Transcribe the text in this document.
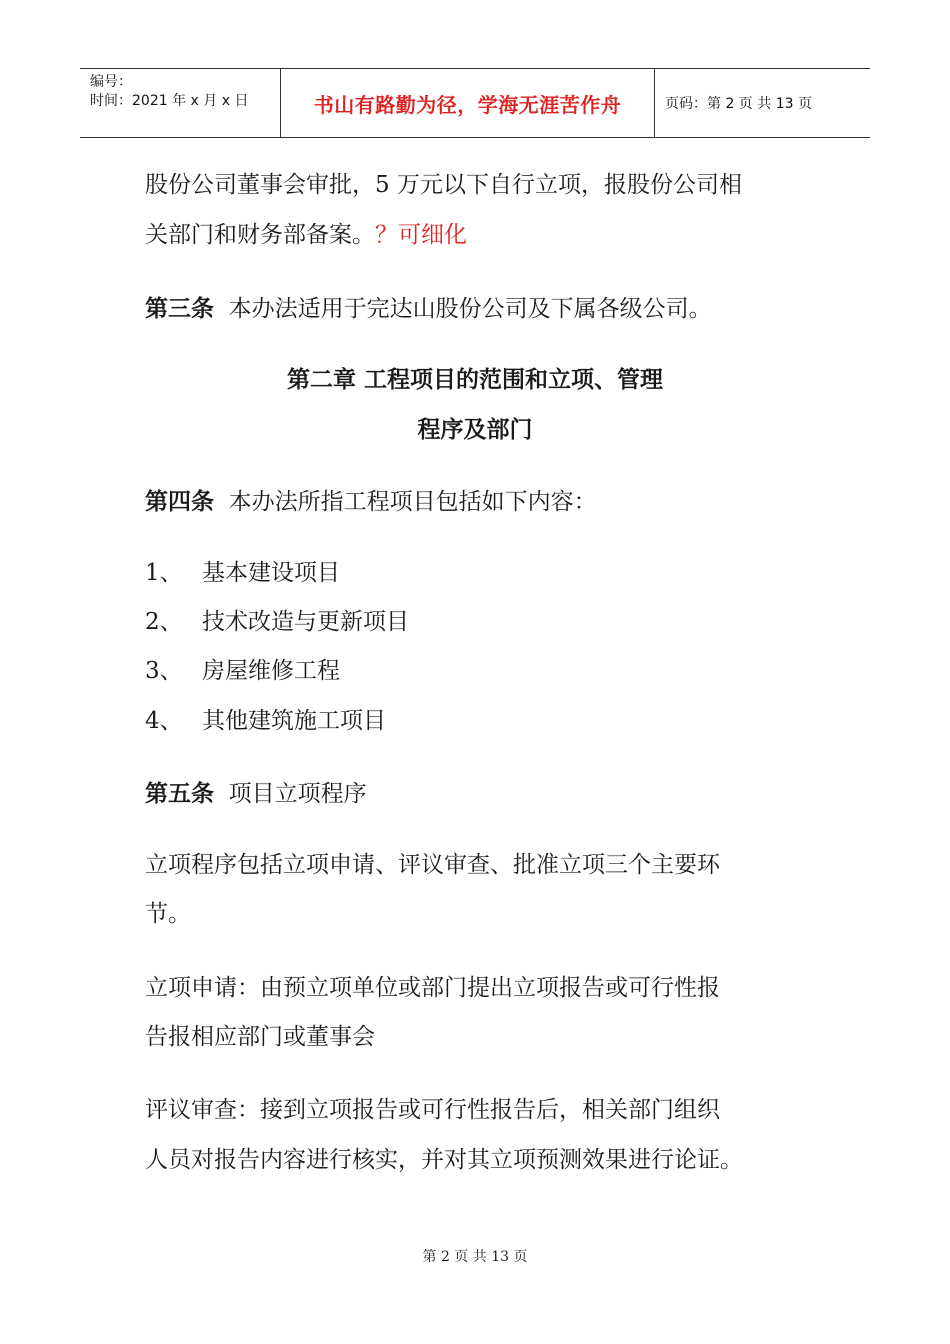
编号：
时间：2021 年 x 月 x 日	书山有路勤为径，学海无涯苦作舟	页码：第 2 页 共 13 页
股份公司董事会审批，5 万元以下自行立项，报股份公司相
关部门和财务部备案。？可细化
第三条 本办法适用于完达山股份公司及下属各级公司。
第二章 工程项目的范围和立项、管理
程序及部门
第四条 本办法所指工程项目包括如下内容：
1、 基本建设项目
2、 技术改造与更新项目
3、 房屋维修工程
4、 其他建筑施工项目
第五条 项目立项程序
立项程序包括立项申请、评议审查、批准立项三个主要环
节。
立项申请：由预立项单位或部门提出立项报告或可行性报
告报相应部门或董事会
评议审查：接到立项报告或可行性报告后，相关部门组织
人员对报告内容进行核实，并对其立项预测效果进行论证。
第 2 页 共 13 页
